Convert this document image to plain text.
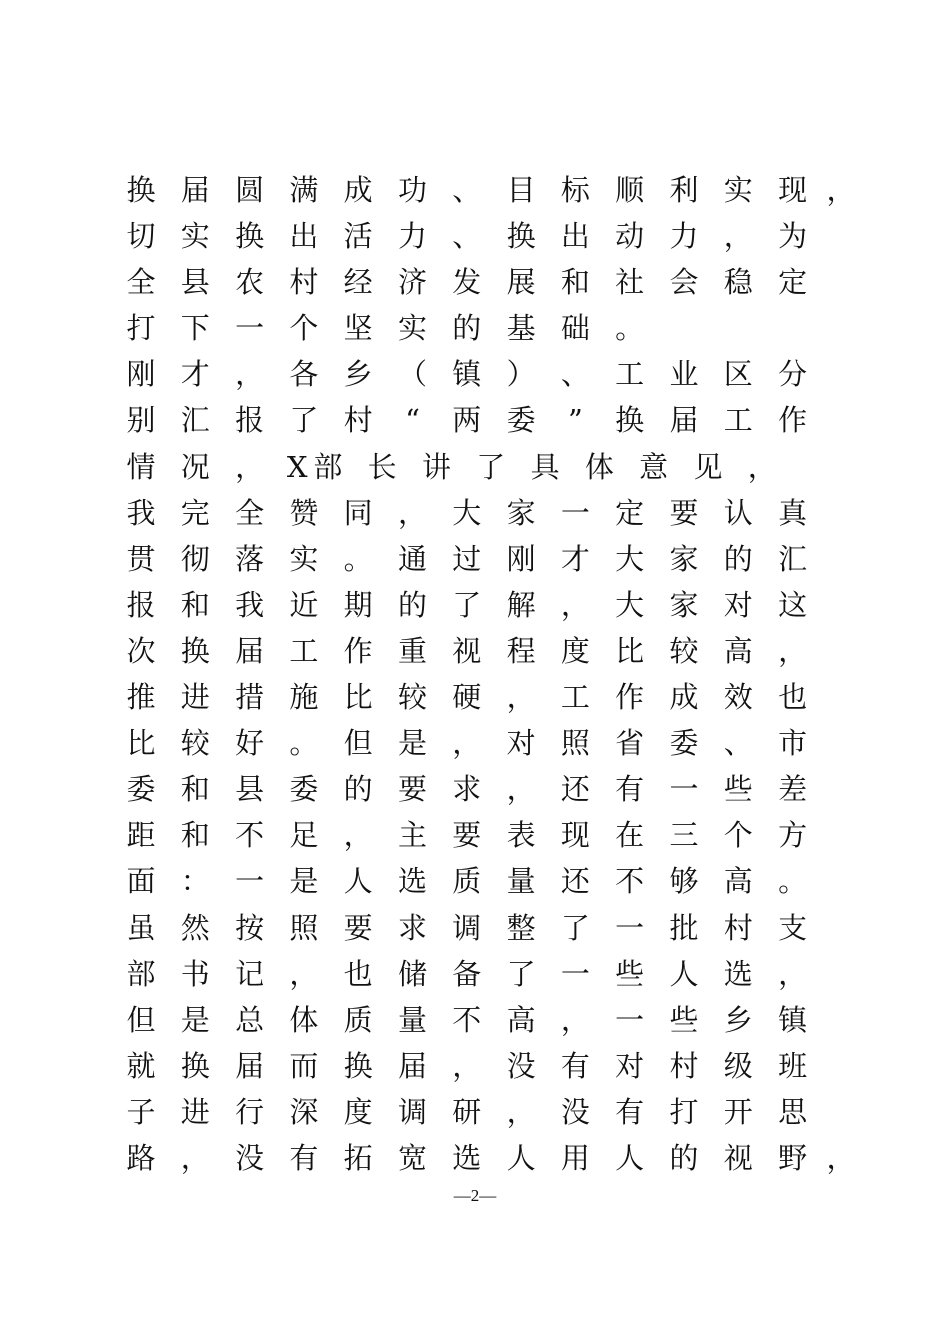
换 届 圆 满 成 功 、 目 标 顺 利 实 现 ，
切 实 换 出 活 力 、 换 出 动 力 ， 为
全 县 农 村 经 济 发 展 和 社 会 稳 定
打 下 一 个 坚 实 的 基 础 。
刚 才 ， 各 乡 （ 镇 ） 、 工 业 区 分
别 汇 报 了 村	“	两 委	”	换 届 工 作
情 况 ， X 部 长 讲 了 具 体 意 见 ，
我 完 全 赞 同 ， 大 家 一 定 要 认 真
贯 彻 落 实 。 通 过 刚 才 大 家 的 汇
报 和 我 近 期 的 了 解 ， 大 家 对 这
次 换 届 工 作 重 视 程 度 比 较 高 ，
推 进 措 施 比 较 硬 ， 工 作 成 效 也
比 较 好 。 但 是 ， 对 照 省 委 、 市
委 和 县 委 的 要 求 ， 还 有 一 些 差
距 和 不 足 ， 主 要 表 现 在 三 个 方
面 ： 一 是 人 选 质 量 还 不 够 高 。
虽 然 按 照 要 求 调 整 了 一 批 村 支
部 书 记 ， 也 储 备 了 一 些 人 选 ，
但 是 总 体 质 量 不 高 ， 一 些 乡 镇
就 换 届 而 换 届 ， 没 有 对 村 级 班
子 进 行 深 度 调 研 ， 没 有 打 开 思
路 ， 没 有 拓 宽 选 人 用 人 的 视 野 ，
—2—
